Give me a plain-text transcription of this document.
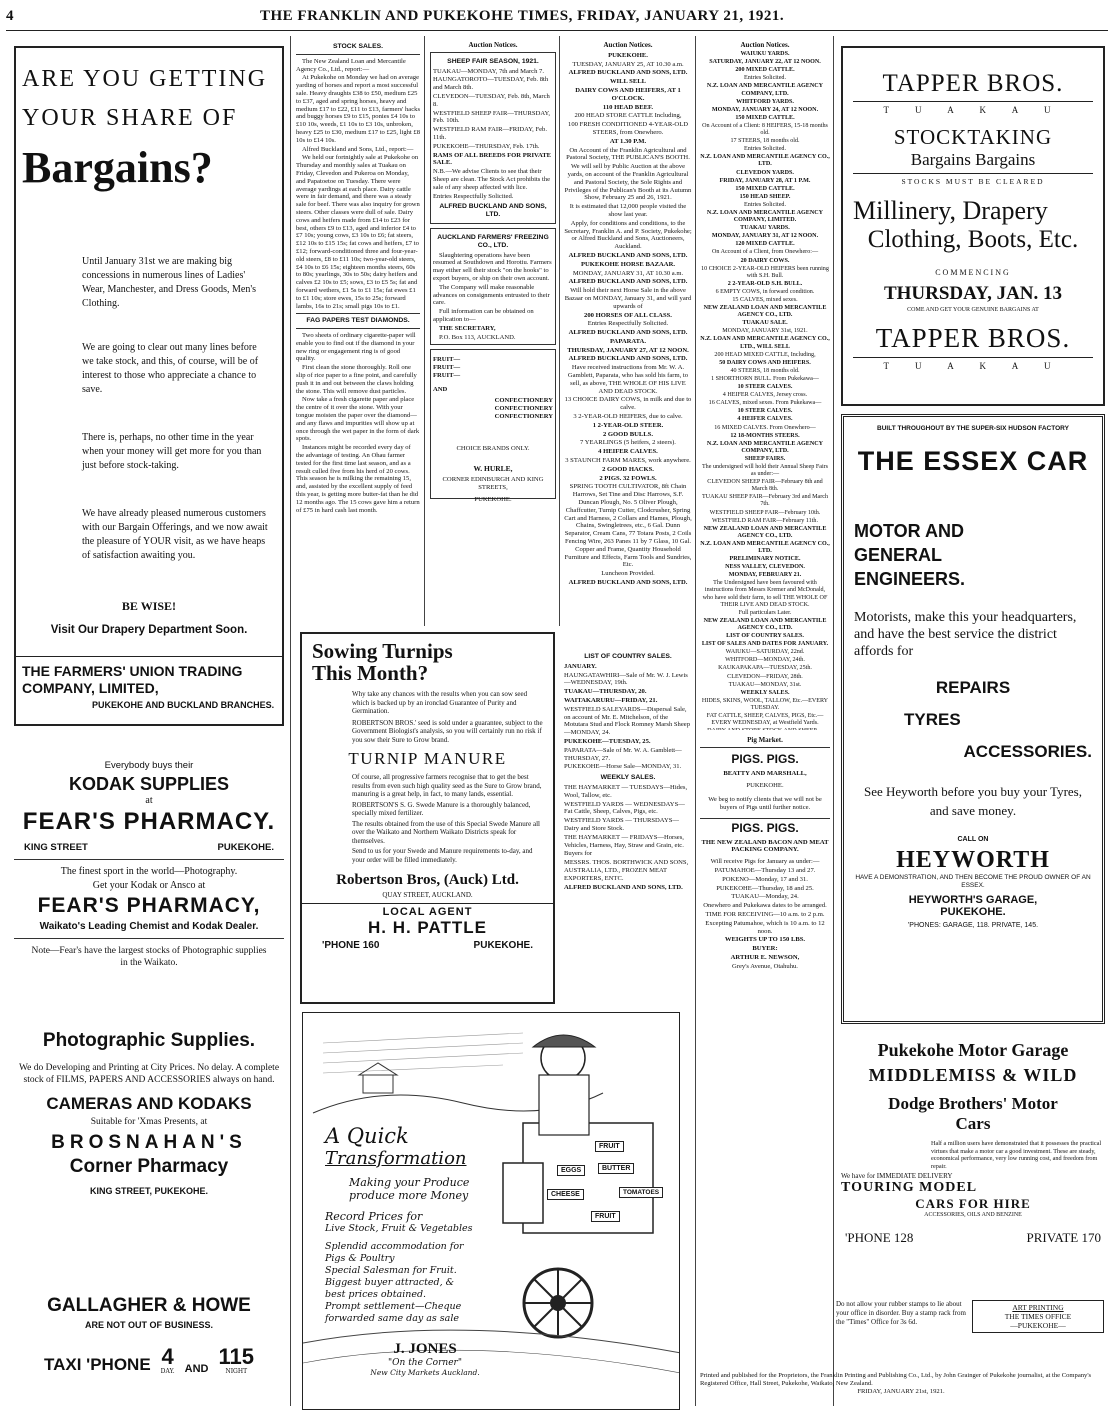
4	THE FRANKLIN AND PUKEKOHE TIMES, FRIDAY, JANUARY 21, 1921.
ARE YOU GETTING
YOUR SHARE OF
Bargains?
Until January 31st we are making big concessions in numerous lines of Ladies' Wear, Manchester, and Dress Goods, Men's Clothing.
We are going to clear out many lines before we take stock, and this, of course, will be of interest to those who appreciate a chance to save.
There is, perhaps, no other time in the year when your money will get more for you than just before stock-taking.
We have already pleased numerous customers with our Bargain Offerings, and we now await the pleasure of YOUR visit, as we have heaps of satisfaction awaiting you.
BE WISE!
Visit Our Drapery Department Soon.
THE FARMERS' UNION TRADING COMPANY, LIMITED,
PUKEKOHE AND BUCKLAND BRANCHES.
Everybody buys their
KODAK SUPPLIES
at
FEAR'S PHARMACY.
KING STREET	PUKEKOHE.
The finest sport in the world—Photography.
Get your Kodak or Ansco at
FEAR'S PHARMACY,
Waikato's Leading Chemist and Kodak Dealer.
Note—Fear's have the largest stocks of Photographic supplies in the Waikato.
Photographic Supplies.
We do Developing and Printing at City Prices. No delay. A complete stock of FILMS, PAPERS AND ACCESSORIES always on hand.
CAMERAS AND KODAKS
Suitable for 'Xmas Presents, at
BROSNAHAN'S
Corner Pharmacy
KING STREET, PUKEKOHE.
GALLAGHER & HOWE
ARE NOT OUT OF BUSINESS.
TAXI 'PHONE 4
DAY. AND 115
NIGHT
STOCK SALES.
The New Zealand Loan and Mercantile Agency Co., Ltd., report:—
At Pukekohe on Monday we had on average yarding of horses and report a most successful sale. Heavy draughts £38 to £50, medium £25 to £37, aged and spring horses, heavy and medium £17 to £22, £11 to £13, farmers' hacks and buggy horses £9 to £15, ponies £4 10s to £10 10s, weeds, £1 10s to £3 10s, unbroken, heavy £25 to £30, medium £17 to £25, light £8 10s to £14 10s.
Alfred Buckland and Sons, Ltd., report:—
We held our fortnightly sale at Pukekohe on Thursday and monthly sales at Tuakau on Friday, Clevedon and Pukeroa on Monday, and Papatoetoe on Tuesday. There were average yardings at each place. Dairy cattle were in fair demand, and there was a steady sale for beef. There was also inquiry for grown steers. Other classes were dull of sale. Dairy cows and heifers made from £14 to £23 for best, others £9 to £13, aged and inferior £4 to £7 10s; young cows, £3 10s to £6; fat steers, £12 10s to £15 15s; fat cows and heifers, £7 to £12; forward-conditioned three and four-year-old steers, £8 to £11 10s; two-year-old steers, £4 10s to £6 15s; eighteen months steers, 60s to 80s; yearlings, 30s to 50s; dairy heifers and calves £2 10s to £5; sows, £3 to £5 5s; fat and forward wethers, £1 5s to £1 15s; fat ewes £1 to £1 10s; store ewes, 15s to 25s; forward lambs, 16s to 21s; small pigs 10s to £1.
FAG PAPERS TEST DIAMONDS.
Two sheets of ordinary cigarette-paper will enable you to find out if the diamond in your new ring or engagement ring is of good quality.
First clean the stone thoroughly. Roll one slip of rice paper to a fine point, and carefully push it in and out between the claws holding the stone. This will remove dust particles.
Now take a fresh cigarette paper and place the centre of it over the stone. With your tongue moisten the paper over the diamond—and any flaws and impurities will show up at once through the wet paper in the form of dark spots.
Instances might be recorded every day of the advantage of testing. An Ohau farmer tested for the first time last season, and as a result culled five from his herd of 20 cows. This season he is milking the remaining 15, and, assisted by the excellent supply of feed this year, is getting more butter-fat than he did 12 months ago. The 15 cows gave him a return of £75 in hard cash last month.
Auction Notices.
SHEEP FAIR SEASON, 1921.
TUAKAU—MONDAY, 7th and March 7.
HAUNGATOROTO—TUESDAY, Feb. 8th and March 8th.
CLEVEDON—TUESDAY, Feb. 8th, March 8.
WESTFIELD SHEEP FAIR—THURSDAY, Feb. 10th.
WESTFIELD RAM FAIR—FRIDAY, Feb. 11th.
PUKEKOHE—THURSDAY, Feb. 17th.
RAMS OF ALL BREEDS FOR PRIVATE SALE.
N.B.—We advise Clients to see that their Sheep are clean. The Stock Act prohibits the sale of any sheep affected with lice.
Entries Respectfully Solicited.
ALFRED BUCKLAND AND SONS, LTD.
AUCKLAND FARMERS' FREEZING CO., LTD.
Slaughtering operations have been resumed at Southdown and Horotiu. Farmers may either sell their stock "on the hooks" to export buyers, or ship on their own account.
The Company will make reasonable advances on consignments entrusted to their care.
Full information can be obtained on application to—
THE SECRETARY,
P.O. Box 113, AUCKLAND.
FRUIT—
FRUIT—
FRUIT—
AND
CONFECTIONERY
CONFECTIONERY
CONFECTIONERY
CHOICE BRANDS ONLY.
W. HURLE,
CORNER EDINBURGH AND KING STREETS,
PUKEKOHE.
Sowing Turnips
This Month?
Why take any chances with the results when you can sow seed which is backed up by an ironclad Guarantee of Purity and Germination.
ROBERTSON BROS.' seed is sold under a guarantee, subject to the Government Biologist's analysis, so you will certainly run no risk if you sow their Sure to Grow brand.
TURNIP MANURE
Of course, all progressive farmers recognise that to get the best results from even such high quality seed as the Sure to Grow brand, manuring is a great help, in fact, to many lands, essential.
ROBERTSON'S S. G. Swede Manure is a thoroughly balanced, specially mixed fertilizer.
The results obtained from the use of this Special Swede Manure all over the Waikato and Northern Waikato Districts speak for themselves.
Send to us for your Swede and Manure requirements to-day, and your order will be filled immediately.
Robertson Bros, (Auck) Ltd.
QUAY STREET, AUCKLAND.
LOCAL AGENT
H. H. PATTLE
'PHONE 160	PUKEKOHE.
FRUIT
EGGS	BUTTER
CHEESE	TOMATOES
FRUIT
A Quick
Transformation
Making your Produce
produce more Money
Record Prices for
Live Stock, Fruit & Vegetables
Splendid accommodation for
Pigs & Poultry
Special Salesman for Fruit.
Biggest buyer attracted, &
best prices obtained.
Prompt settlement—Cheque
forwarded same day as sale
J. JONES
"On the Corner"
New City Markets Auckland.
Auction Notices.
PUKEKOHE.
TUESDAY, JANUARY 25, AT 10.30 a.m.
ALFRED BUCKLAND AND SONS, LTD.
WILL SELL
DAIRY COWS AND HEIFERS, AT 1 O'CLOCK.
110 HEAD BEEF.
200 HEAD STORE CATTLE Including,
100 FRESH CONDITIONED 4-YEAR-OLD STEERS, from Onewhero.
AT 1.30 P.M.
On Account of the Franklin Agricultural and Pastoral Society, THE PUBLICAN'S BOOTH.
We will sell by Public Auction at the above yards, on account of the Franklin Agricultural and Pastoral Society, the Sole Rights and Privileges of the Publican's Booth at its Autumn Show, February 25 and 26, 1921.
It is estimated that 12,000 people visited the show last year.
Apply, for conditions and conditions, to the Secretary, Franklin A. and P. Society, Pukekohe; or Alfred Buckland and Sons, Auctioneers, Auckland.
ALFRED BUCKLAND AND SONS, LTD.
PUKEKOHE HORSE BAZAAR.
MONDAY, JANUARY 31, AT 10.30 a.m.
ALFRED BUCKLAND AND SONS, LTD.
Will hold their next Horse Sale in the above Bazaar on MONDAY, January 31, and will yard upwards of
200 HORSES OF ALL CLASS.
Entries Respectfully Solicited.
ALFRED BUCKLAND AND SONS, LTD.
PAPARATA.
THURSDAY, JANUARY 27, AT 12 NOON.
ALFRED BUCKLAND AND SONS, LTD.
Have received instructions from Mr. W. A. Gamblett, Paparata, who has sold his farm, to sell, as above, THE WHOLE OF HIS LIVE AND DEAD STOCK.
13 CHOICE DAIRY COWS, in milk and due to calve.
3 2-YEAR-OLD HEIFERS, due to calve.
1 2-YEAR-OLD STEER.
2 GOOD BULLS.
7 YEARLINGS (5 heifers, 2 steers).
4 HEIFER CALVES.
3 STAUNCH FARM MARES, work anywhere.
2 GOOD HACKS.
2 PIGS. 32 FOWLS.
SPRING TOOTH CULTIVATOR, 8ft Chain Harrows, Set Tine and Disc Harrows, S.F. Duncan Plough, No. 5 Oliver Plough, Chaffcutter, Turnip Cutter, Clodcrusher, Spring Cart and Harness, 2 Collars and Hames, Plough, Chains, Swingletrees, etc., 6 Gal. Dunn Separator, Cream Cans, 77 Totara Posts, 2 Coils Fencing Wire, 263 Panes 11 by 7 Glass, 10 Gal. Copper and Frame, Quantity Household Furniture and Effects, Farm Tools and Sundries, Etc.
Luncheon Provided.
ALFRED BUCKLAND AND SONS, LTD.
LIST OF COUNTRY SALES.
JANUARY.
HAUNGATAWHIRI—Sale of Mr. W. J. Lewis—WEDNESDAY, 19th.
TUAKAU—THURSDAY, 20.
WAITAKARURU—FRIDAY, 21.
WESTFIELD SALEYARDS—Dispersal Sale, on account of Mr. E. Mitchelson, of the Motutara Stud and Flock Romney Marsh Sheep—MONDAY, 24.
PUKEKOHE—TUESDAY, 25.
PAPARATA—Sale of Mr. W. A. Gamblett—THURSDAY, 27.
PUKEKOHE—Horse Sale—MONDAY, 31.
WEEKLY SALES.
THE HAYMARKET — TUESDAYS—Hides, Wool, Tallow, etc.
WESTFIELD YARDS — WEDNESDAYS—Fat Cattle, Sheep, Calves, Pigs, etc.
WESTFIELD YARDS — THURSDAYS—Dairy and Store Stock.
THE HAYMARKET — FRIDAYS—Horses, Vehicles, Harness, Hay, Straw and Grain, etc.
Buyers for
MESSRS. THOS. BORTHWICK AND SONS, AUSTRALIA, LTD., FROZEN MEAT EXPORTERS, ENTC.
ALFRED BUCKLAND AND SONS, LTD.
Auction Notices.
WAIUKU YARDS.
SATURDAY, JANUARY 22, AT 12 NOON.
200 MIXED CATTLE.
Entries Solicited.
N.Z. LOAN AND MERCANTILE AGENCY COMPANY, LTD.
WHITFORD YARDS.
MONDAY, JANUARY 24, AT 12 NOON.
150 MIXED CATTLE.
On Account of a Client: 8 HEIFERS, 15-18 months old.
17 STEERS, 18 months old.
Entries Solicited.
N.Z. LOAN AND MERCANTILE AGENCY CO., LTD.
CLEVEDON YARDS.
FRIDAY, JANUARY 28, AT 1 P.M.
150 MIXED CATTLE.
150 HEAD SHEEP.
Entries Solicited.
N.Z. LOAN AND MERCANTILE AGENCY COMPANY, LIMITED.
TUAKAU YARDS.
MONDAY, JANUARY 31, AT 12 NOON.
120 MIXED CATTLE.
On Account of a Client, from Onewhero:—
20 DAIRY COWS.
10 CHOICE 2-YEAR-OLD HEIFERS been running with S.H. Bull.
2 2-YEAR-OLD S.H. BULL.
6 EMPTY COWS, in forward condition.
15 CALVES, mixed sexes.
NEW ZEALAND LOAN AND MERCANTILE AGENCY CO., LTD.
TUAKAU SALE.
MONDAY, JANUARY 31st, 1921.
N.Z. LOAN AND MERCANTILE AGENCY CO., LTD., WILL SELL
200 HEAD MIXED CATTLE, Including,
50 DAIRY COWS AND HEIFERS.
40 STEERS, 18 months old.
1 SHORTHORN BULL. From Pukekawa—
10 STEER CALVES.
4 HEIFER CALVES, Jersey cross.
16 CALVES, mixed sexes. From Pukekawa—
10 STEER CALVES.
4 HEIFER CALVES.
16 MIXED CALVES. From Onewhero—
12 18-MONTHS STEERS.
N.Z. LOAN AND MERCANTILE AGENCY COMPANY, LTD.
SHEEP FAIRS.
The undersigned will hold their Annual Sheep Fairs as under:—
CLEVEDON SHEEP FAIR—February 8th and March 8th.
TUAKAU SHEEP FAIR—February 3rd and March 7th.
WESTFIELD SHEEP FAIR—February 10th.
WESTFIELD RAM FAIR—February 11th.
NEW ZEALAND LOAN AND MERCANTILE AGENCY CO., LTD.
N.Z. LOAN AND MERCANTILE AGENCY CO., LTD.
PRELIMINARY NOTICE.
NESS VALLEY, CLEVEDON.
MONDAY, FEBRUARY 21.
The Undersigned have been favoured with instructions from Messrs Kremer and McDonald, who have sold their farm, to sell THE WHOLE OF THEIR LIVE AND DEAD STOCK.
Full particulars Later.
NEW ZEALAND LOAN AND MERCANTILE AGENCY CO., LTD.
LIST OF COUNTRY SALES.
LIST OF SALES AND DATES FOR JANUARY.
WAIUKU—SATURDAY, 22nd.
WHITFORD—MONDAY, 24th.
KAUKAPAKAPA—TUESDAY, 25th.
CLEVEDON—FRIDAY, 28th.
TUAKAU—MONDAY, 31st.
WEEKLY SALES.
HIDES, SKINS, WOOL, TALLOW, Etc.—EVERY TUESDAY.
FAT CATTLE, SHEEP, CALVES, PIGS, Etc.—EVERY WEDNESDAY, at Westfield Yards.
Pig Market.
PIGS. PIGS.
BEATTY AND MARSHALL,
PUKEKOHE.
We beg to notify clients that we will not be buyers of Pigs until further notice.
PIGS. PIGS.
THE NEW ZEALAND BACON AND MEAT PACKING COMPANY.
Will receive Pigs for January as under:—
PATUMAHOE—Thursday 13 and 27.
POKENO—Monday, 17 and 31.
PUKEKOHE—Thursday, 18 and 25.
TUAKAU—Monday, 24.
Onewhero and Pukekawa dates to be arranged.
TIME FOR RECEIVING—10 a.m. to 2 p.m.
Excepting Patumahoe, which is 10 a.m. to 12 noon.
WEIGHTS UP TO 150 LBS.
BUYER:
ARTHUR E. NEWSON,
Grey's Avenue, Otahuhu.
Printed and published for the Proprietors, the Franklin Printing and Publishing Co., Ltd., by John Grainger of Pukekohe journalist, at the Company's Registered Office, Hall Street, Pukekohe, Waikato, New Zealand.
FRIDAY, JANUARY 21st, 1921.
TAPPER BROS.
T U A K A U
STOCKTAKING
Bargains Bargains
STOCKS MUST BE CLEARED
Millinery, Drapery
Clothing, Boots, Etc.
COMMENCING
THURSDAY, JAN. 13
COME AND GET YOUR GENUINE BARGAINS AT
TAPPER BROS.
T U A K A U
BUILT THROUGHOUT BY THE SUPER-SIX HUDSON FACTORY
THE ESSEX CAR
MOTOR AND
GENERAL
ENGINEERS.
Motorists, make this your headquarters, and have the best service the district affords for
REPAIRS
TYRES
ACCESSORIES.
See Heyworth before you buy your Tyres, and save money.
CALL ON
HEYWORTH
HAVE A DEMONSTRATION, AND THEN BECOME THE PROUD OWNER OF AN ESSEX.
HEYWORTH'S GARAGE,
PUKEKOHE.
'PHONES: GARAGE, 118. PRIVATE, 145.
Pukekohe Motor Garage
MIDDLEMISS & WILD
Dodge Brothers' Motor
Cars
Half a million users have demonstrated that it possesses the practical virtues that make a motor car a good investment. These are steady, economical performance, very low running cost, and freedom from repair.
We have for IMMEDIATE DELIVERY
TOURING MODEL
CARS FOR HIRE
ACCESSORIES, OILS AND BENZINE
'PHONE 128	PRIVATE 170
Do not allow your rubber stamps to lie about your office in disorder. Buy a stamp rack from the "Times" Office for 3s 6d.
ART PRINTING
THE TIMES OFFICE
—PUKEKOHE—
